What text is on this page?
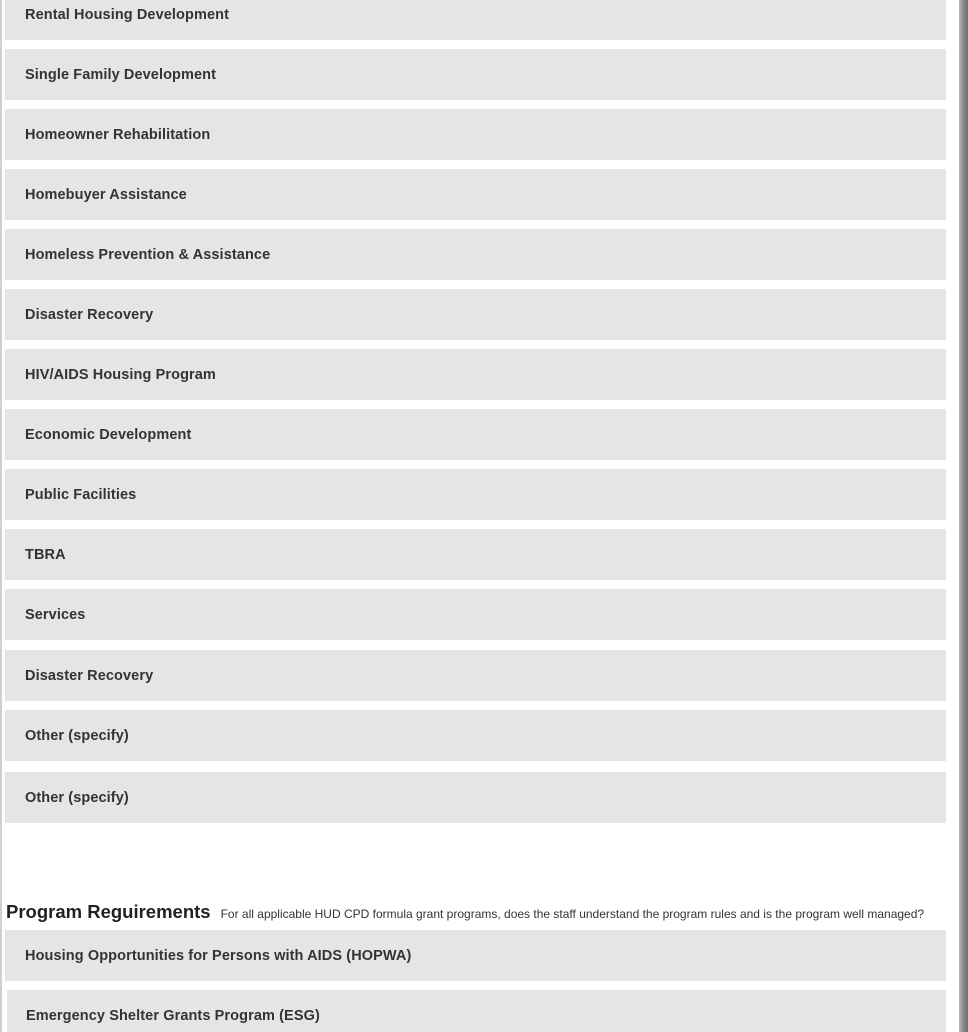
Rental Housing Development
Single Family Development
Homeowner Rehabilitation
Homebuyer Assistance
Homeless Prevention & Assistance
Disaster Recovery
HIV/AIDS Housing Program
Economic Development
Public Facilities
TBRA
Services
Disaster Recovery
Other (specify)
Other (specify)
Program Reguirements For all applicable HUD CPD formula grant programs, does the staff understand the program rules and is the program well managed?
Housing Opportunities for Persons with AIDS (HOPWA)
Emergency Shelter Grants Program (ESG)
